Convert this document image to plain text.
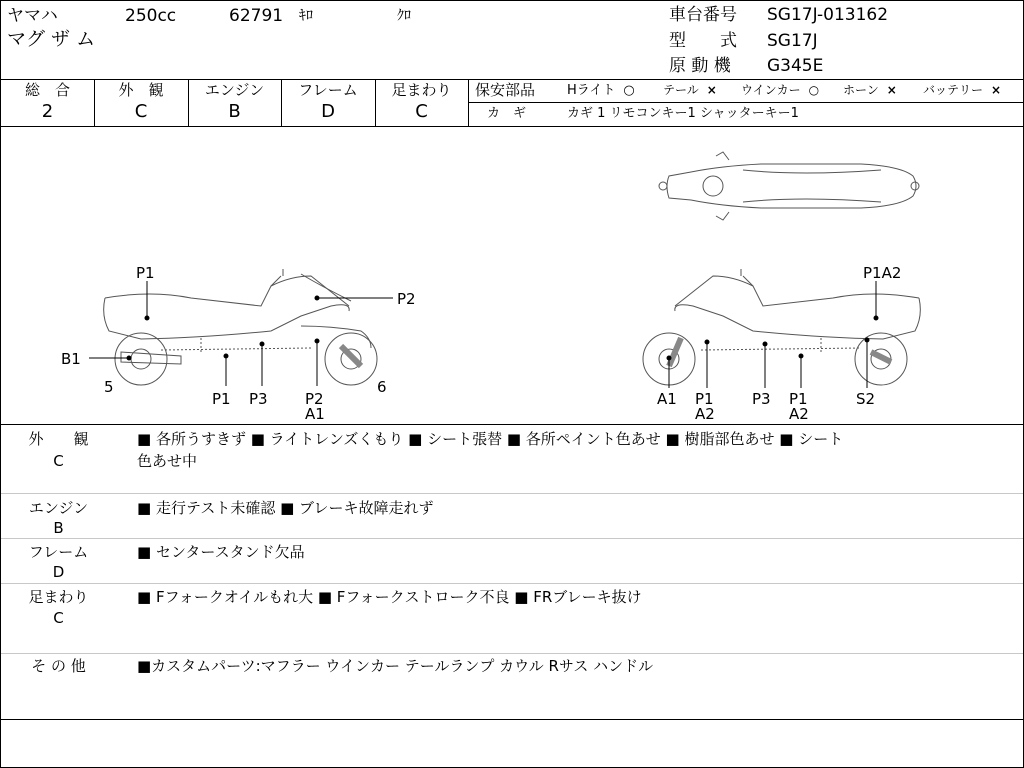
ヤマハ	250cc	62791 ｷﾛ	ｸﾛ
マグ ザ ム
車台番号 SG17J-013162
型　　式 SG17J
原 動 機 G345E
総　合
2
外　観
C
エンジン
B
フレーム
D
足まわり
C
保安部品 Hライト ○ テール × ウインカー ○ ホーン × バッテリー ×
カ　ギ	カギ 1 リモコンキー1 シャッターキー1
P1
P2
B1
5	6
P1 P3 P2
A1
P1A2
A1 P1
A2
P3 P1
A2
S2
外　　観
C
■ 各所うすきず ■ ライトレンズくもり ■ シート張替 ■ 各所ペイント色あせ ■ 樹脂部色あせ ■ シート
色あせ中
エンジン
B
■ 走行テスト未確認 ■ ブレーキ故障走れず
フレーム
D
■ センタースタンド欠品
足まわり
C
■ Fフォークオイルもれ大 ■ Fフォークストローク不良 ■ FRブレーキ抜け
そ の 他	■カスタムパーツ:マフラー ウインカー テールランプ カウル Rサス ハンドル
